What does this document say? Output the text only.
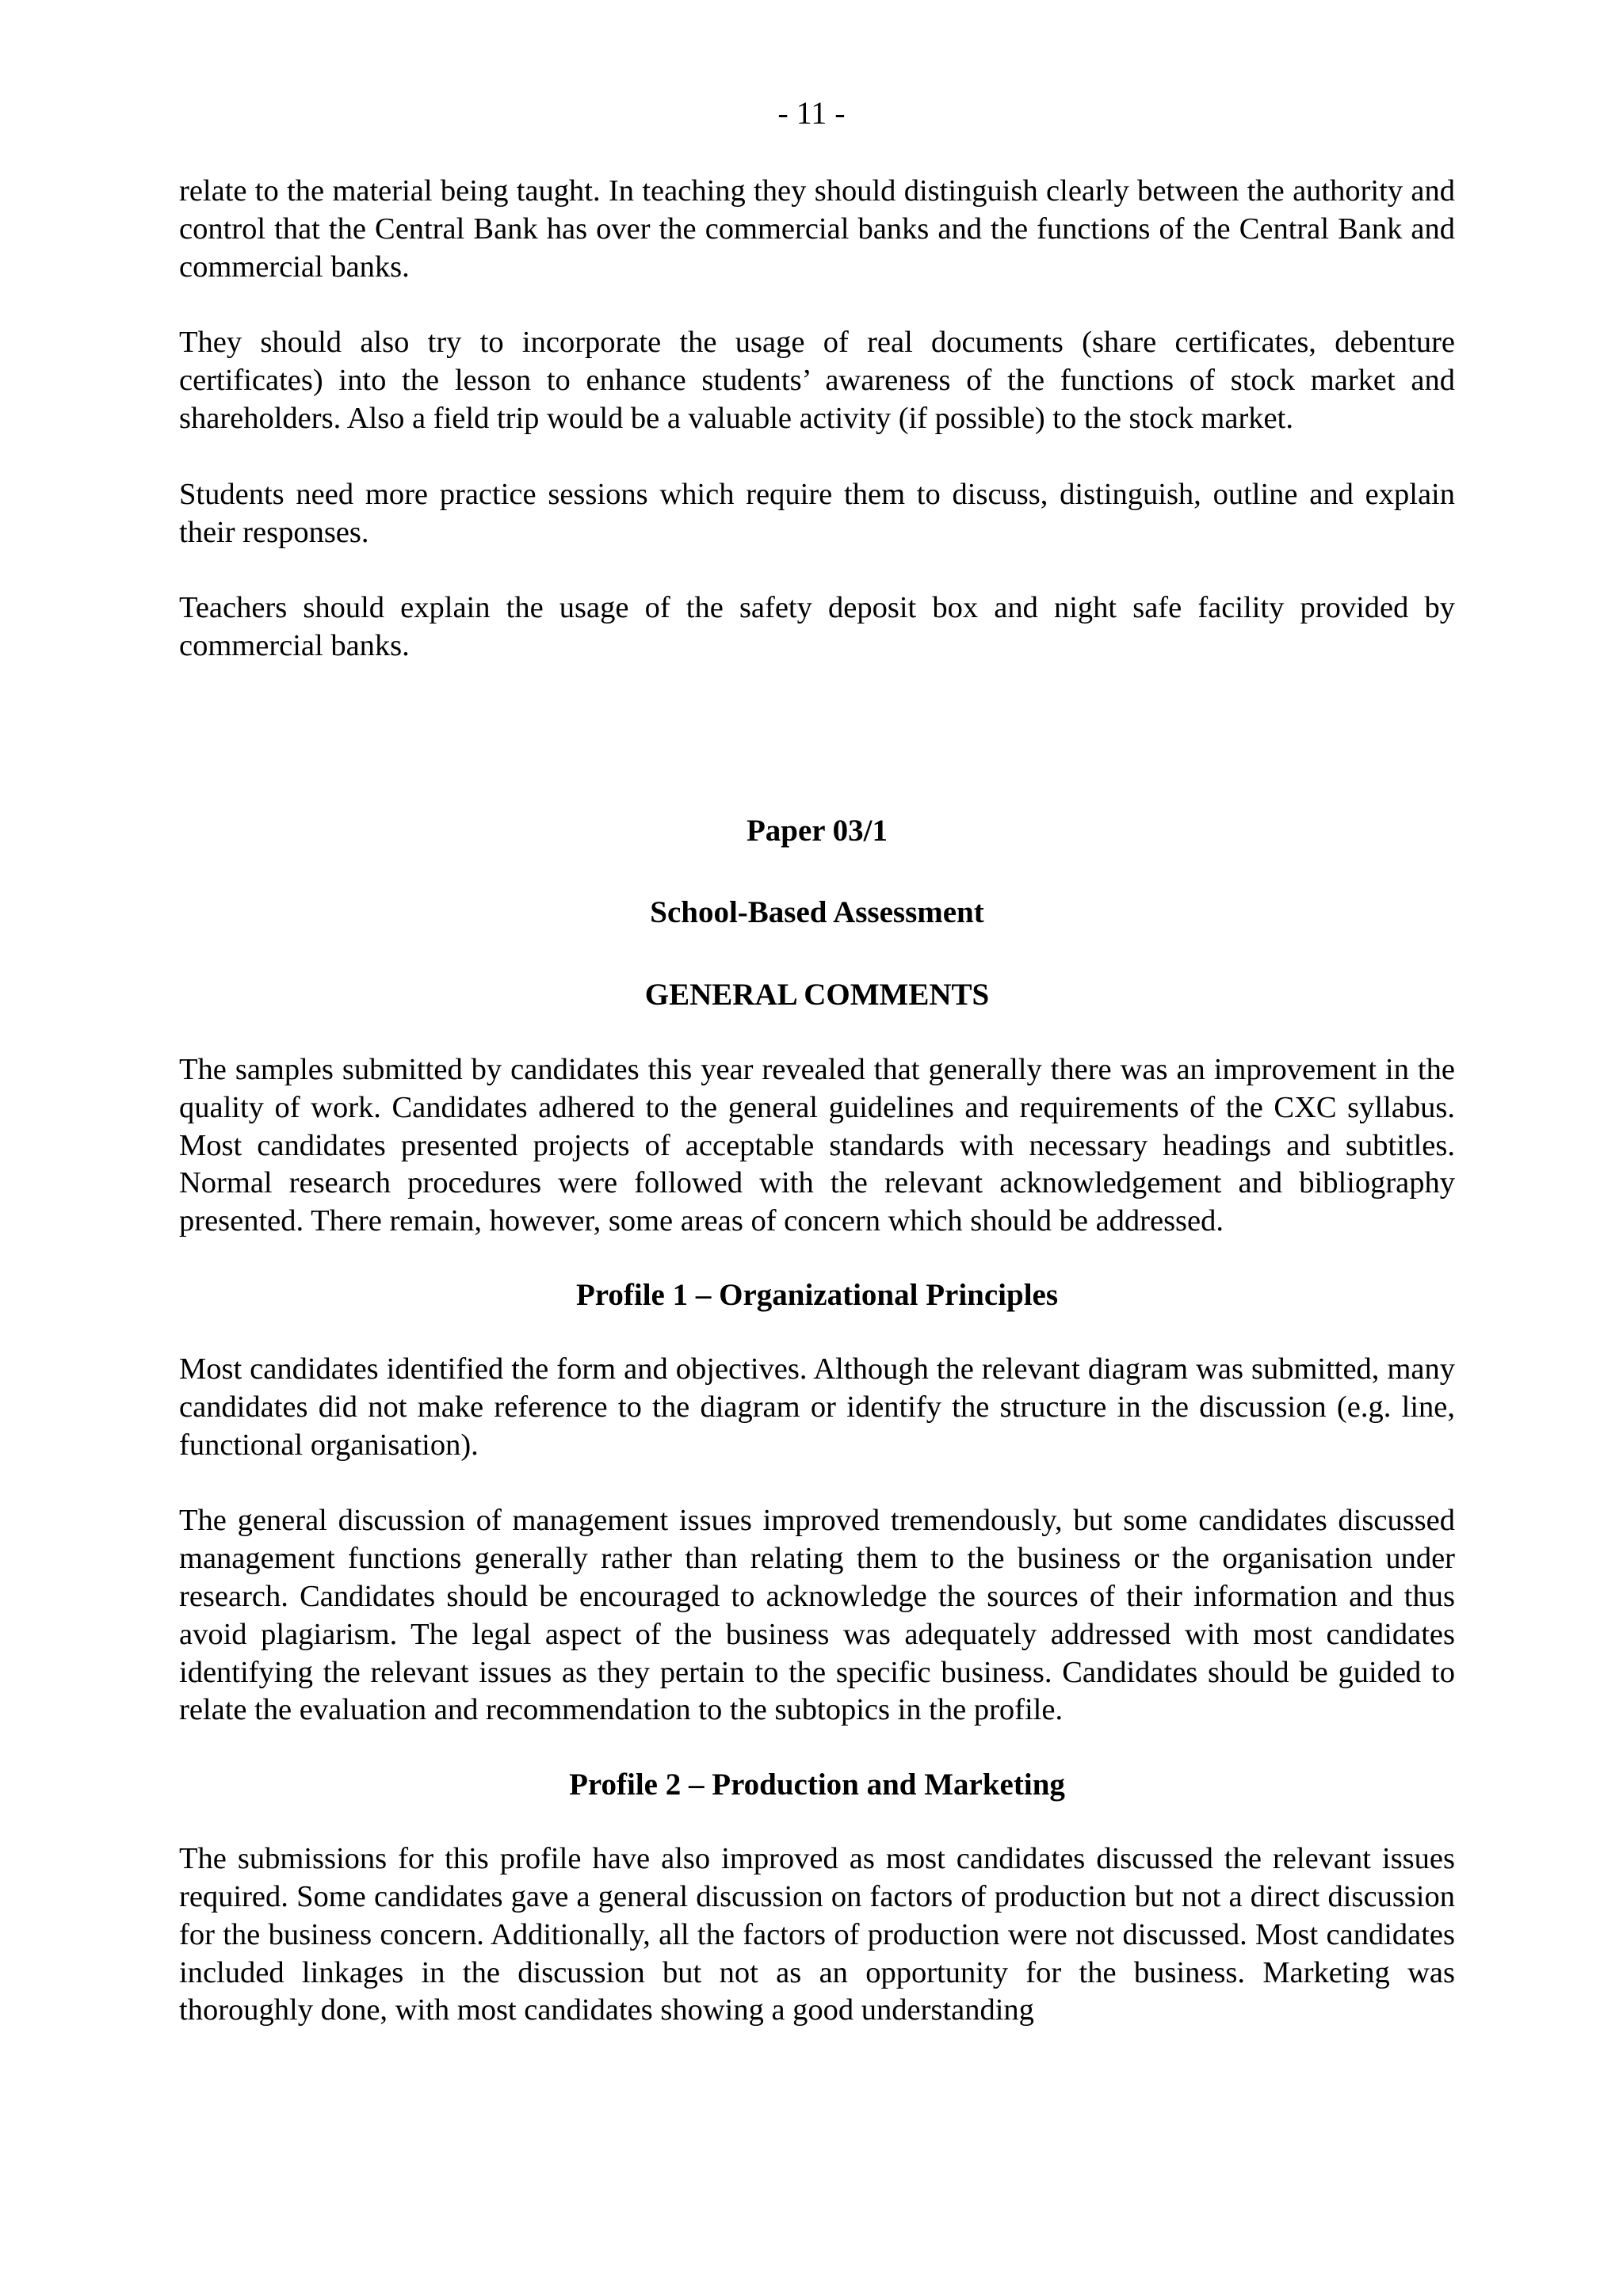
- 11 -

relate to the material being taught. In teaching they should distinguish clearly between the authority and control that the Central Bank has over the commercial banks and the functions of the Central Bank and commercial banks.

They should also try to incorporate the usage of real documents (share certificates, debenture certificates) into the lesson to enhance students’ awareness of the functions of stock market and shareholders. Also a field trip would be a valuable activity (if possible) to the stock market.

Students need more practice sessions which require them to discuss, distinguish, outline and explain their responses.

Teachers should explain the usage of the safety deposit box and night safe facility provided by commercial banks.

Paper 03/1
School-Based Assessment
GENERAL COMMENTS

The samples submitted by candidates this year revealed that generally there was an improvement in the quality of work. Candidates adhered to the general guidelines and requirements of the CXC syllabus. Most candidates presented projects of acceptable standards with necessary headings and subtitles. Normal research procedures were followed with the relevant acknowledgement and bibliography presented. There remain, however, some areas of concern which should be addressed.

Profile 1 – Organizational Principles

Most candidates identified the form and objectives. Although the relevant diagram was submitted, many candidates did not make reference to the diagram or identify the structure in the discussion (e.g. line, functional organisation).

The general discussion of management issues improved tremendously, but some candidates discussed management functions generally rather than relating them to the business or the organisation under research. Candidates should be encouraged to acknowledge the sources of their information and thus avoid plagiarism. The legal aspect of the business was adequately addressed with most candidates identifying the relevant issues as they pertain to the specific business. Candidates should be guided to relate the evaluation and recommendation to the subtopics in the profile.

Profile 2 – Production and Marketing

The submissions for this profile have also improved as most candidates discussed the relevant issues required. Some candidates gave a general discussion on factors of production but not a direct discussion for the business concern. Additionally, all the factors of production were not discussed. Most candidates included linkages in the discussion but not as an opportunity for the business. Marketing was thoroughly done, with most candidates showing a good understanding
